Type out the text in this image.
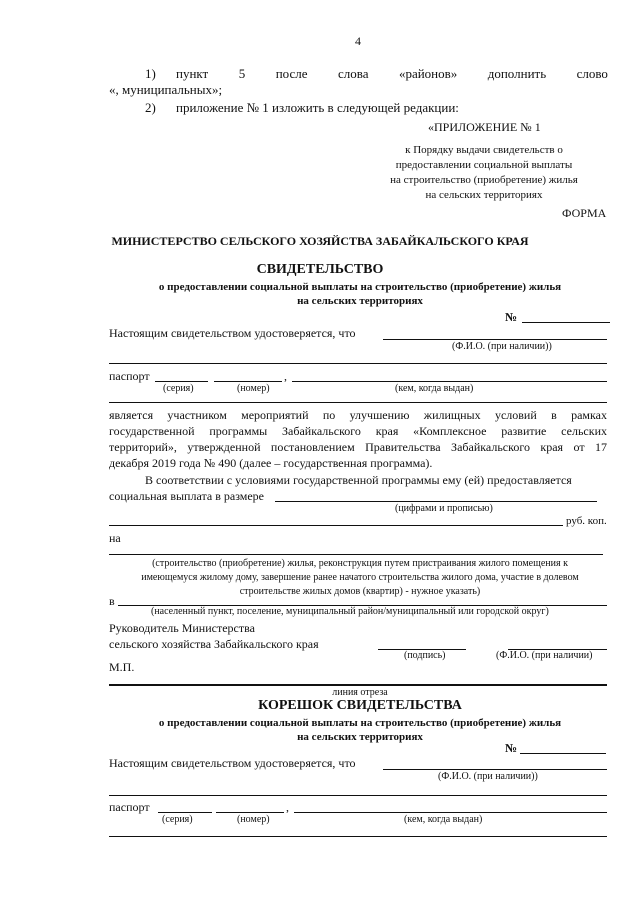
4
1) пункт 5 после слова «районов» дополнить слово
«, муниципальных»;
2) приложение № 1 изложить в следующей редакции:
«ПРИЛОЖЕНИЕ № 1
к Порядку выдачи свидетельств о
предоставлении социальной выплаты
на строительство (приобретение) жилья
на сельских территориях
ФОРМА
МИНИСТЕРСТВО СЕЛЬСКОГО ХОЗЯЙСТВА ЗАБАЙКАЛЬСКОГО КРАЯ
СВИДЕТЕЛЬСТВО
о предоставлении социальной выплаты на строительство (приобретение) жилья
на сельских территориях
№
Настоящим свидетельством удостоверяется, что
(Ф.И.О. (при наличии))
паспорт	,
(серия)	(номер)	(кем, когда выдан)
является участником мероприятий по улучшению жилищных условий в рамках
государственной программы Забайкальского края «Комплексное развитие сельских
территорий», утвержденной постановлением Правительства Забайкальского края от 17
декабря 2019 года № 490 (далее – государственная программа).
В соответствии с условиями государственной программы ему (ей) предоставляется
социальная выплата в размере
(цифрами и прописью)
руб. коп.
на
(строительство (приобретение) жилья, реконструкция путем пристраивания жилого помещения к
имеющемуся жилому дому, завершение ранее начатого строительства жилого дома, участие в долевом
строительстве жилых домов (квартир) - нужное указать)
в
(населенный пункт, поселение, муниципальный район/муниципальный или городской округ)
Руководитель Министерства
сельского хозяйства Забайкальского края
(подпись)	(Ф.И.О. (при наличии)
М.П.
линия отреза
КОРЕШОК СВИДЕТЕЛЬСТВА
о предоставлении социальной выплаты на строительство (приобретение) жилья
на сельских территориях
№
Настоящим свидетельством удостоверяется, что
(Ф.И.О. (при наличии))
паспорт	,
(серия)	(номер)	(кем, когда выдан)
